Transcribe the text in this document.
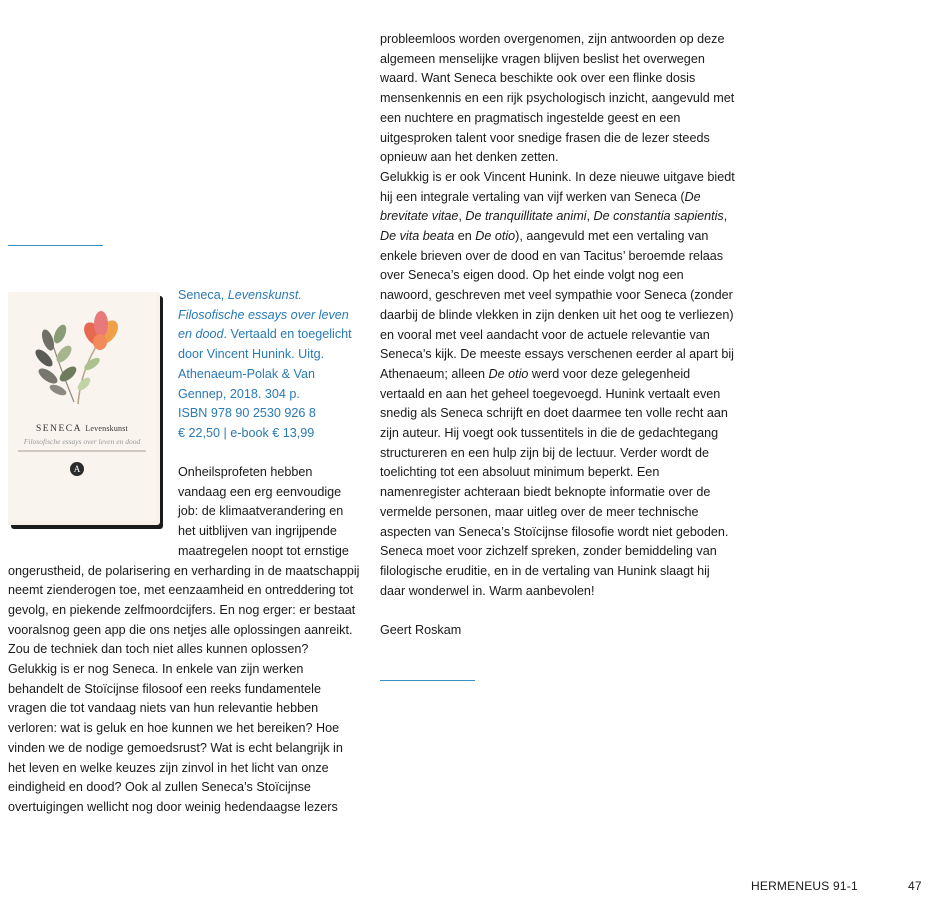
SENECA Levenskunst
Filosofische essays over leven en dood
A
Seneca, Levenskunst.
Filosofische essays over leven
en dood. Vertaald en toegelicht
door Vincent Hunink. Uitg.
Athenaeum-Polak & Van
Gennep, 2018. 304 p.
ISBN 978 90 2530 926 8
€ 22,50 | e-book € 13,99

Onheilsprofeten hebben vandaag een erg eenvoudige job: de klimaatverandering en het uitblijven van ingrijpende maatregelen noopt tot ernstige ongerustheid, de polarisering en verharding in de maatschappij neemt zienderogen toe, met eenzaamheid en ontreddering tot gevolg, en piekende zelfmoordcijfers. En nog erger: er bestaat vooralsnog geen app die ons netjes alle oplossingen aanreikt. Zou de techniek dan toch niet alles kunnen oplossen?

Gelukkig is er nog Seneca. In enkele van zijn werken behandelt de Stoïcijnse filosoof een reeks fundamentele vragen die tot vandaag niets van hun relevantie hebben verloren: wat is geluk en hoe kunnen we het bereiken? Hoe vinden we de nodige gemoedsrust? Wat is echt belangrijk in het leven en welke keuzes zijn zinvol in het licht van onze eindigheid en dood? Ook al zullen Seneca’s Stoïcijnse overtuigingen wellicht nog door weinig hedendaagse lezers

probleemloos worden overgenomen, zijn antwoorden op deze algemeen menselijke vragen blijven beslist het overwegen waard. Want Seneca beschikte ook over een flinke dosis mensenkennis en een rijk psychologisch inzicht, aangevuld met een nuchtere en pragmatisch ingestelde geest en een uitgesproken talent voor snedige frasen die de lezer steeds opnieuw aan het denken zetten.

Gelukkig is er ook Vincent Hunink. In deze nieuwe uitgave biedt hij een integrale vertaling van vijf werken van Seneca (De brevitate vitae, De tranquillitate animi, De constantia sapientis, De vita beata en De otio), aangevuld met een vertaling van enkele brieven over de dood en van Tacitus’ beroemde relaas over Seneca’s eigen dood. Op het einde volgt nog een nawoord, geschreven met veel sympathie voor Seneca (zonder daarbij de blinde vlekken in zijn denken uit het oog te verliezen) en vooral met veel aandacht voor de actuele relevantie van Seneca’s kijk. De meeste essays verschenen eerder al apart bij Athenaeum; alleen De otio werd voor deze gelegenheid vertaald en aan het geheel toegevoegd. Hunink vertaalt even snedig als Seneca schrijft en doet daarmee ten volle recht aan zijn auteur. Hij voegt ook tussentitels in die de gedachtegang structureren en een hulp zijn bij de lectuur. Verder wordt de toelichting tot een absoluut minimum beperkt. Een namenregister achteraan biedt beknopte informatie over de vermelde personen, maar uitleg over de meer technische aspecten van Seneca’s Stoïcijnse filosofie wordt niet geboden. Seneca moet voor zichzelf spreken, zonder bemiddeling van filologische eruditie, en in de vertaling van Hunink slaagt hij daar wonderwel in. Warm aanbevolen!

Geert Roskam

HERMENEUS 91-1	47
